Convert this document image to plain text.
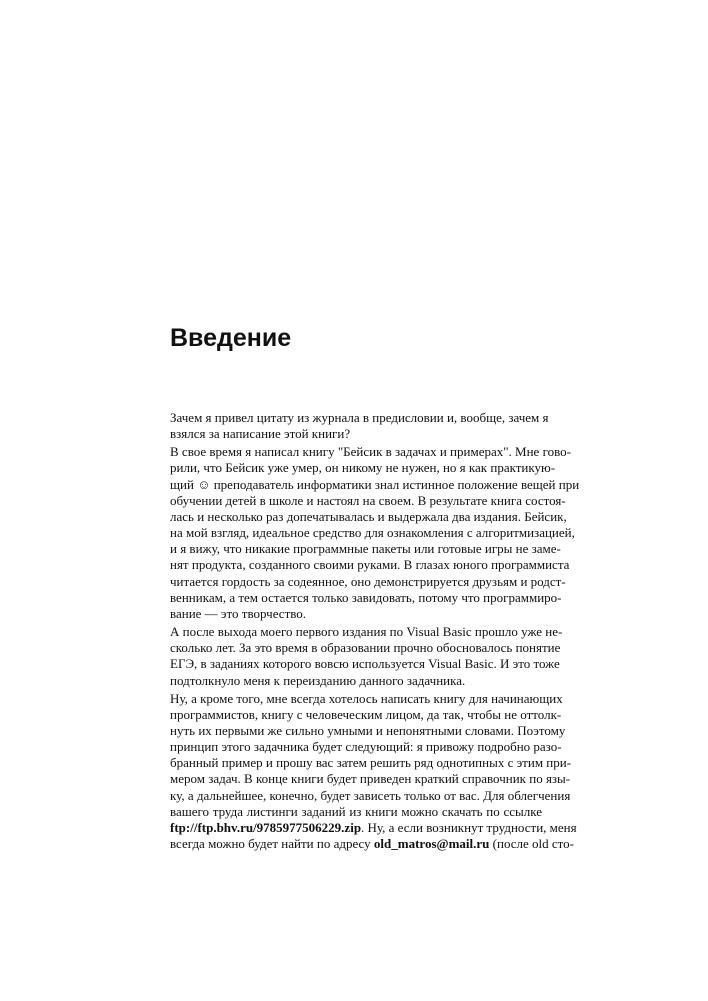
Введение
Зачем я привел цитату из журнала в предисловии и, вообще, зачем я
взялся за написание этой книги?
В свое время я написал книгу "Бейсик в задачах и примерах". Мне гово-
рили, что Бейсик уже умер, он никому не нужен, но я как практикую-
щий ☺ преподаватель информатики знал истинное положение вещей при
обучении детей в школе и настоял на своем. В результате книга состоя-
лась и несколько раз допечатывалась и выдержала два издания. Бейсик,
на мой взгляд, идеальное средство для ознакомления с алгоритмизацией,
и я вижу, что никакие программные пакеты или готовые игры не заме-
нят продукта, созданного своими руками. В глазах юного программиста
читается гордость за содеянное, оно демонстрируется друзьям и родст-
венникам, а тем остается только завидовать, потому что программиро-
вание — это творчество.
А после выхода моего первого издания по Visual Basic прошло уже не-
сколько лет. За это время в образовании прочно обосновалось понятие
ЕГЭ, в заданиях которого вовсю используется Visual Basic. И это тоже
подтолкнуло меня к переизданию данного задачника.
Ну, а кроме того, мне всегда хотелось написать книгу для начинающих
программистов, книгу с человеческим лицом, да так, чтобы не оттолк-
нуть их первыми же сильно умными и непонятными словами. Поэтому
принцип этого задачника будет следующий: я привожу подробно разо-
бранный пример и прошу вас затем решить ряд однотипных с этим при-
мером задач. В конце книги будет приведен краткий справочник по язы-
ку, а дальнейшее, конечно, будет зависеть только от вас. Для облегчения
вашего труда листинги заданий из книги можно скачать по ссылке
ftp://ftp.bhv.ru/9785977506229.zip. Ну, а если возникнут трудности, меня
всегда можно будет найти по адресу old_matros@mail.ru (после old сто-
